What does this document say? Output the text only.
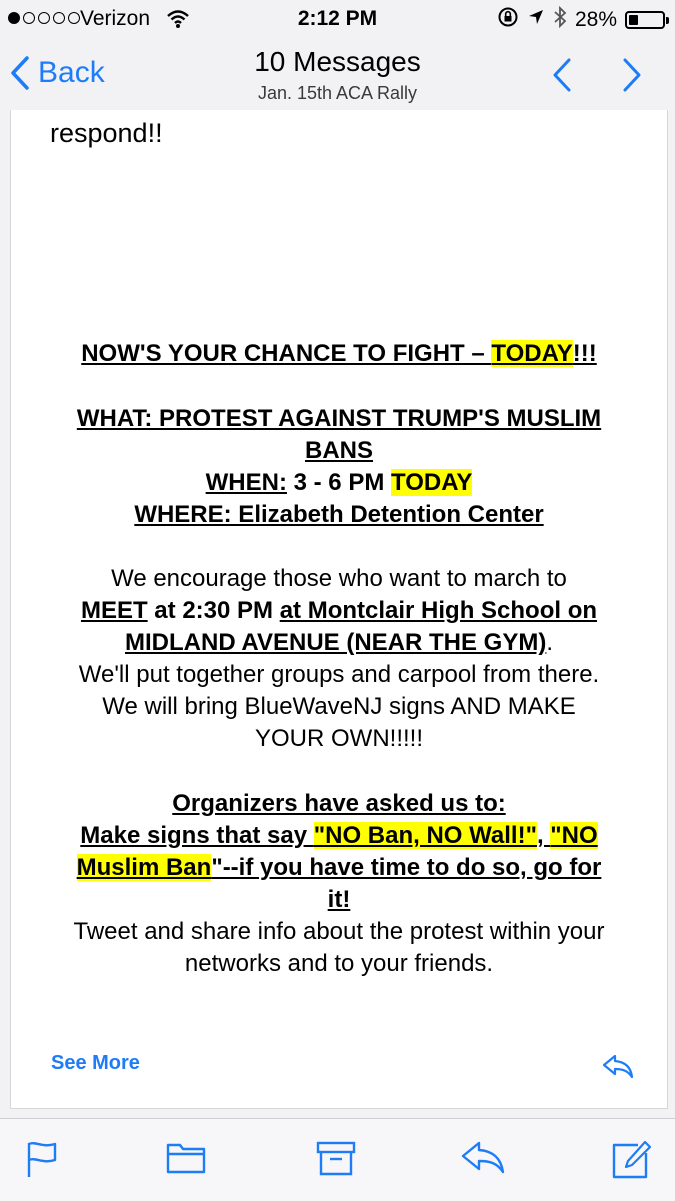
Verizon	2:12 PM	28%
Back	10 Messages
Jan. 15th ACA Rally
respond!!
NOW'S YOUR CHANCE TO FIGHT – TODAY!!!
WHAT: PROTEST AGAINST TRUMP'S MUSLIM
BANS
WHEN: 3 - 6 PM TODAY
WHERE: Elizabeth Detention Center
We encourage those who want to march to
MEET at 2:30 PM at Montclair High School on
MIDLAND AVENUE (NEAR THE GYM).
We'll put together groups and carpool from there.
We will bring BlueWaveNJ signs AND MAKE
YOUR OWN!!!!!
Organizers have asked us to:
Make signs that say "NO Ban, NO Wall!", "NO
Muslim Ban"--if you have time to do so, go for
it!
Tweet and share info about the protest within your
networks and to your friends.
See More
